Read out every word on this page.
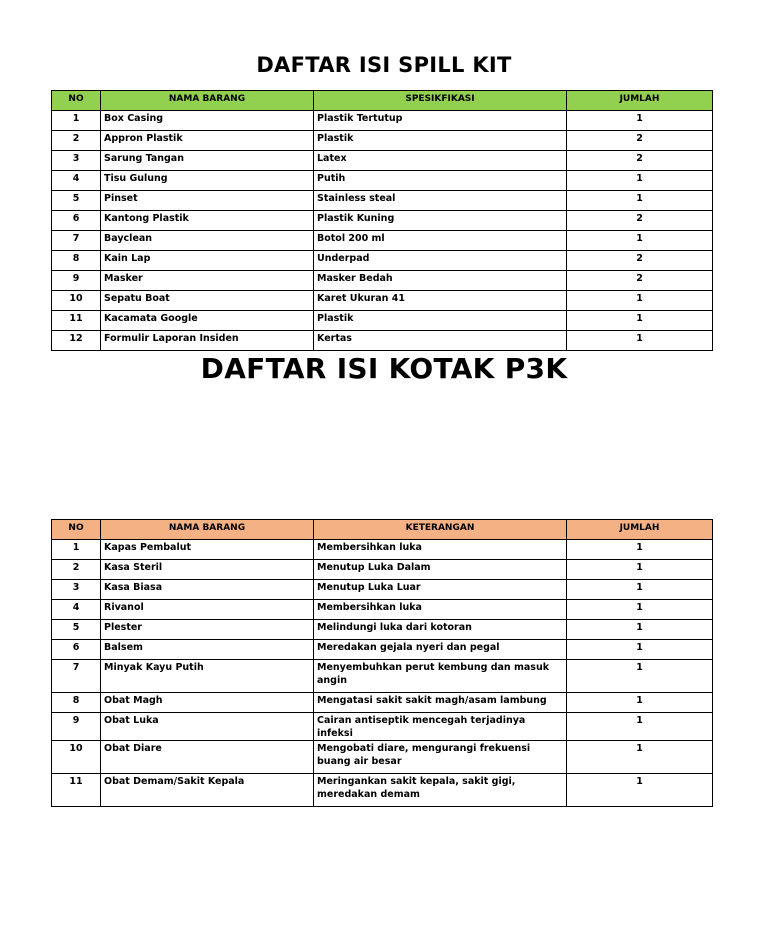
DAFTAR ISI SPILL KIT
NO	NAMA BARANG	SPESIKFIKASI	JUMLAH
1	Box Casing	Plastik Tertutup	1
2	Appron Plastik	Plastik	2
3	Sarung Tangan	Latex	2
4	Tisu Gulung	Putih	1
5	Pinset	Stainless steal	1
6	Kantong Plastik	Plastik Kuning	2
7	Bayclean	Botol 200 ml	1
8	Kain Lap	Underpad	2
9	Masker	Masker Bedah	2
10	Sepatu Boat	Karet Ukuran 41	1
11	Kacamata Google	Plastik	1
12	Formulir Laporan Insiden	Kertas	1
DAFTAR ISI KOTAK P3K
NO	NAMA BARANG	KETERANGAN	JUMLAH
1	Kapas Pembalut	Membersihkan luka	1
2	Kasa Steril	Menutup Luka Dalam	1
3	Kasa Biasa	Menutup Luka Luar	1
4	Rivanol	Membersihkan luka	1
5	Plester	Melindungi luka dari kotoran	1
6	Balsem	Meredakan gejala nyeri dan pegal	1
7	Minyak Kayu Putih	Menyembuhkan perut kembung dan masuk angin	1
8	Obat Magh	Mengatasi sakit sakit magh/asam lambung	1
9	Obat Luka	Cairan antiseptik mencegah terjadinya infeksi	1
10	Obat Diare	Mengobati diare, mengurangi frekuensi buang air besar	1
11	Obat Demam/Sakit Kepala	Meringankan sakit kepala, sakit gigi, meredakan demam	1
